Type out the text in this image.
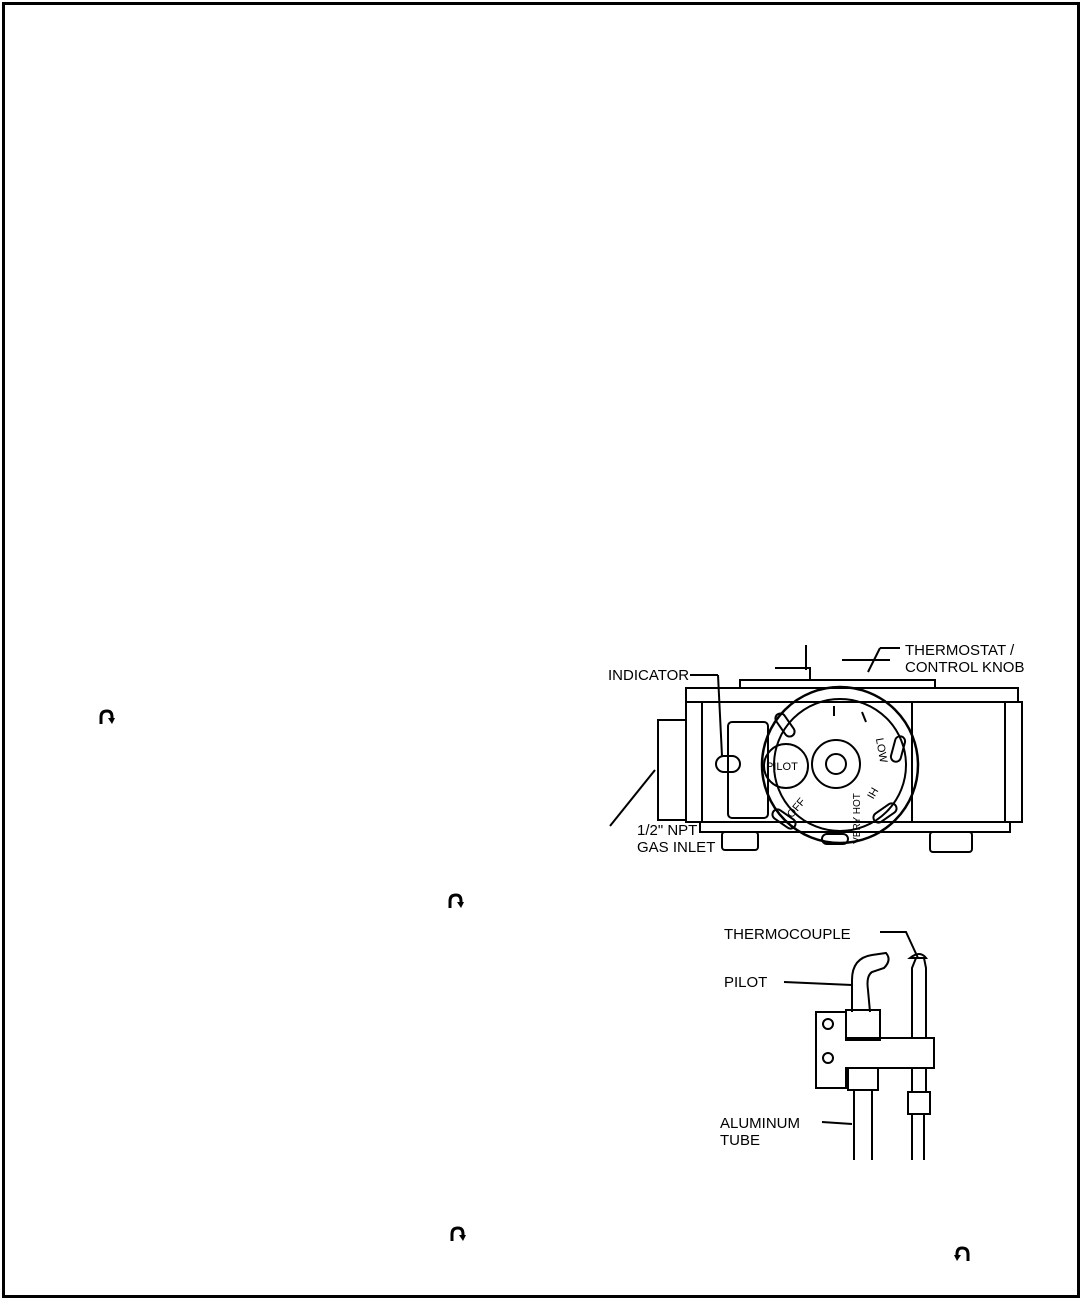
PILOT
THERMOSTAT /
CONTROL KNOB
INDICATOR
1/2" NPT
GAS INLET
LOW
HI
VERY HOT
OFF
THERMOCOUPLE
PILOT
ALUMINUM
TUBE
